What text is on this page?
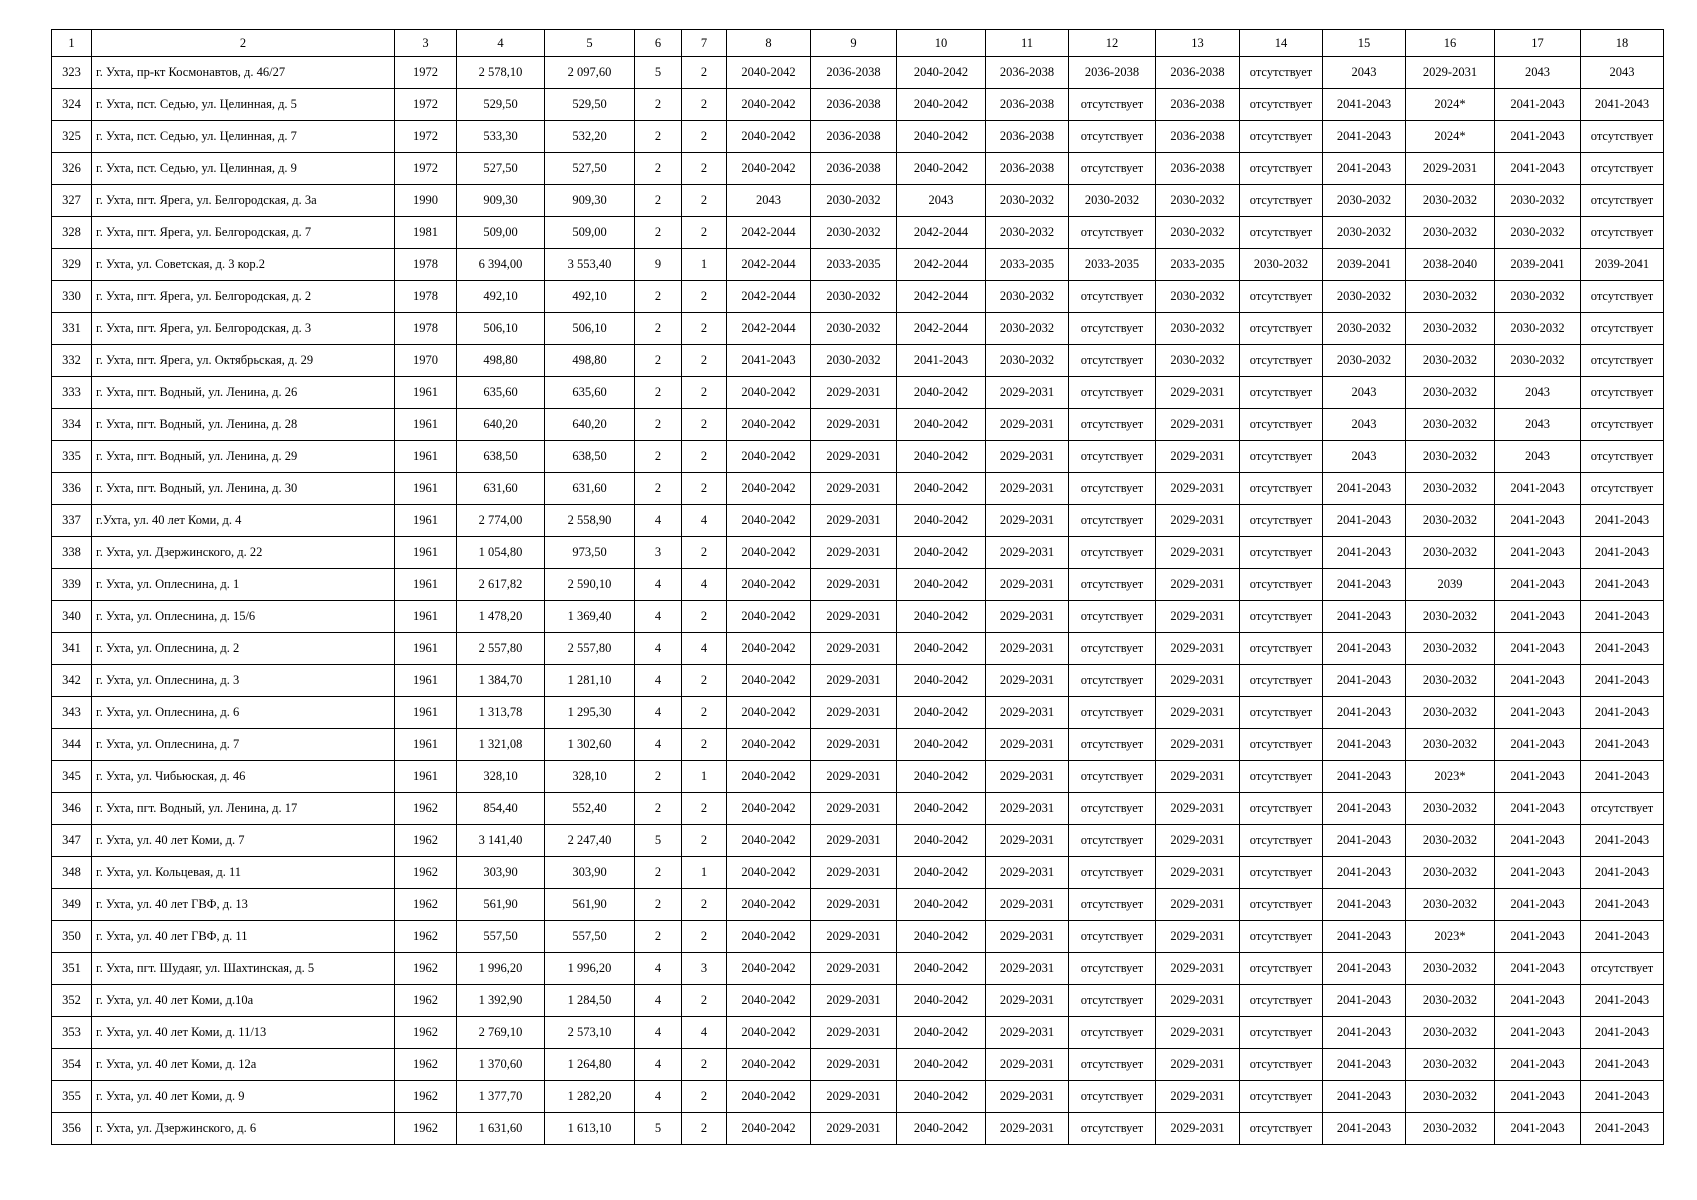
1	2	3	4	5	6	7	8	9	10	11	12	13	14	15	16	17	18
323	г. Ухта, пр-кт Космонавтов, д. 46/27	1972	2 578,10	2 097,60	5	2	2040-2042	2036-2038	2040-2042	2036-2038	2036-2038	2036-2038	отсутствует	2043	2029-2031	2043	2043
324	г. Ухта, пст. Седью, ул. Целинная, д. 5	1972	529,50	529,50	2	2	2040-2042	2036-2038	2040-2042	2036-2038	отсутствует	2036-2038	отсутствует	2041-2043	2024*	2041-2043	2041-2043
325	г. Ухта, пст. Седью, ул. Целинная, д. 7	1972	533,30	532,20	2	2	2040-2042	2036-2038	2040-2042	2036-2038	отсутствует	2036-2038	отсутствует	2041-2043	2024*	2041-2043	отсутствует
326	г. Ухта, пст. Седью, ул. Целинная, д. 9	1972	527,50	527,50	2	2	2040-2042	2036-2038	2040-2042	2036-2038	отсутствует	2036-2038	отсутствует	2041-2043	2029-2031	2041-2043	отсутствует
327	г. Ухта, пгт. Ярега, ул. Белгородская, д. 3а	1990	909,30	909,30	2	2	2043	2030-2032	2043	2030-2032	2030-2032	2030-2032	отсутствует	2030-2032	2030-2032	2030-2032	отсутствует
328	г. Ухта, пгт. Ярега, ул. Белгородская, д. 7	1981	509,00	509,00	2	2	2042-2044	2030-2032	2042-2044	2030-2032	отсутствует	2030-2032	отсутствует	2030-2032	2030-2032	2030-2032	отсутствует
329	г. Ухта, ул. Советская, д. 3 кор.2	1978	6 394,00	3 553,40	9	1	2042-2044	2033-2035	2042-2044	2033-2035	2033-2035	2033-2035	2030-2032	2039-2041	2038-2040	2039-2041	2039-2041
330	г. Ухта, пгт. Ярега, ул. Белгородская, д. 2	1978	492,10	492,10	2	2	2042-2044	2030-2032	2042-2044	2030-2032	отсутствует	2030-2032	отсутствует	2030-2032	2030-2032	2030-2032	отсутствует
331	г. Ухта, пгт. Ярега, ул. Белгородская, д. 3	1978	506,10	506,10	2	2	2042-2044	2030-2032	2042-2044	2030-2032	отсутствует	2030-2032	отсутствует	2030-2032	2030-2032	2030-2032	отсутствует
332	г. Ухта, пгт. Ярега, ул. Октябрьская, д. 29	1970	498,80	498,80	2	2	2041-2043	2030-2032	2041-2043	2030-2032	отсутствует	2030-2032	отсутствует	2030-2032	2030-2032	2030-2032	отсутствует
333	г. Ухта, пгт. Водный, ул. Ленина, д. 26	1961	635,60	635,60	2	2	2040-2042	2029-2031	2040-2042	2029-2031	отсутствует	2029-2031	отсутствует	2043	2030-2032	2043	отсутствует
334	г. Ухта, пгт. Водный, ул. Ленина, д. 28	1961	640,20	640,20	2	2	2040-2042	2029-2031	2040-2042	2029-2031	отсутствует	2029-2031	отсутствует	2043	2030-2032	2043	отсутствует
335	г. Ухта, пгт. Водный, ул. Ленина, д. 29	1961	638,50	638,50	2	2	2040-2042	2029-2031	2040-2042	2029-2031	отсутствует	2029-2031	отсутствует	2043	2030-2032	2043	отсутствует
336	г. Ухта, пгт. Водный, ул. Ленина, д. 30	1961	631,60	631,60	2	2	2040-2042	2029-2031	2040-2042	2029-2031	отсутствует	2029-2031	отсутствует	2041-2043	2030-2032	2041-2043	отсутствует
337	г.Ухта, ул. 40 лет Коми, д. 4	1961	2 774,00	2 558,90	4	4	2040-2042	2029-2031	2040-2042	2029-2031	отсутствует	2029-2031	отсутствует	2041-2043	2030-2032	2041-2043	2041-2043
338	г. Ухта, ул. Дзержинского, д. 22	1961	1 054,80	973,50	3	2	2040-2042	2029-2031	2040-2042	2029-2031	отсутствует	2029-2031	отсутствует	2041-2043	2030-2032	2041-2043	2041-2043
339	г. Ухта, ул. Оплеснина, д. 1	1961	2 617,82	2 590,10	4	4	2040-2042	2029-2031	2040-2042	2029-2031	отсутствует	2029-2031	отсутствует	2041-2043	2039	2041-2043	2041-2043
340	г. Ухта, ул. Оплеснина, д. 15/6	1961	1 478,20	1 369,40	4	2	2040-2042	2029-2031	2040-2042	2029-2031	отсутствует	2029-2031	отсутствует	2041-2043	2030-2032	2041-2043	2041-2043
341	г. Ухта, ул. Оплеснина, д. 2	1961	2 557,80	2 557,80	4	4	2040-2042	2029-2031	2040-2042	2029-2031	отсутствует	2029-2031	отсутствует	2041-2043	2030-2032	2041-2043	2041-2043
342	г. Ухта, ул. Оплеснина, д. 3	1961	1 384,70	1 281,10	4	2	2040-2042	2029-2031	2040-2042	2029-2031	отсутствует	2029-2031	отсутствует	2041-2043	2030-2032	2041-2043	2041-2043
343	г. Ухта, ул. Оплеснина, д. 6	1961	1 313,78	1 295,30	4	2	2040-2042	2029-2031	2040-2042	2029-2031	отсутствует	2029-2031	отсутствует	2041-2043	2030-2032	2041-2043	2041-2043
344	г. Ухта, ул. Оплеснина, д. 7	1961	1 321,08	1 302,60	4	2	2040-2042	2029-2031	2040-2042	2029-2031	отсутствует	2029-2031	отсутствует	2041-2043	2030-2032	2041-2043	2041-2043
345	г. Ухта, ул. Чибьюская, д. 46	1961	328,10	328,10	2	1	2040-2042	2029-2031	2040-2042	2029-2031	отсутствует	2029-2031	отсутствует	2041-2043	2023*	2041-2043	2041-2043
346	г. Ухта, пгт. Водный, ул. Ленина, д. 17	1962	854,40	552,40	2	2	2040-2042	2029-2031	2040-2042	2029-2031	отсутствует	2029-2031	отсутствует	2041-2043	2030-2032	2041-2043	отсутствует
347	г. Ухта, ул. 40 лет Коми, д. 7	1962	3 141,40	2 247,40	5	2	2040-2042	2029-2031	2040-2042	2029-2031	отсутствует	2029-2031	отсутствует	2041-2043	2030-2032	2041-2043	2041-2043
348	г. Ухта, ул. Кольцевая, д. 11	1962	303,90	303,90	2	1	2040-2042	2029-2031	2040-2042	2029-2031	отсутствует	2029-2031	отсутствует	2041-2043	2030-2032	2041-2043	2041-2043
349	г. Ухта, ул. 40 лет ГВФ, д. 13	1962	561,90	561,90	2	2	2040-2042	2029-2031	2040-2042	2029-2031	отсутствует	2029-2031	отсутствует	2041-2043	2030-2032	2041-2043	2041-2043
350	г. Ухта, ул. 40 лет ГВФ, д. 11	1962	557,50	557,50	2	2	2040-2042	2029-2031	2040-2042	2029-2031	отсутствует	2029-2031	отсутствует	2041-2043	2023*	2041-2043	2041-2043
351	г. Ухта, пгт. Шудаяг, ул. Шахтинская, д. 5	1962	1 996,20	1 996,20	4	3	2040-2042	2029-2031	2040-2042	2029-2031	отсутствует	2029-2031	отсутствует	2041-2043	2030-2032	2041-2043	отсутствует
352	г. Ухта, ул. 40 лет Коми, д.10а	1962	1 392,90	1 284,50	4	2	2040-2042	2029-2031	2040-2042	2029-2031	отсутствует	2029-2031	отсутствует	2041-2043	2030-2032	2041-2043	2041-2043
353	г. Ухта, ул. 40 лет Коми, д. 11/13	1962	2 769,10	2 573,10	4	4	2040-2042	2029-2031	2040-2042	2029-2031	отсутствует	2029-2031	отсутствует	2041-2043	2030-2032	2041-2043	2041-2043
354	г. Ухта, ул. 40 лет Коми, д. 12а	1962	1 370,60	1 264,80	4	2	2040-2042	2029-2031	2040-2042	2029-2031	отсутствует	2029-2031	отсутствует	2041-2043	2030-2032	2041-2043	2041-2043
355	г. Ухта, ул. 40 лет Коми, д. 9	1962	1 377,70	1 282,20	4	2	2040-2042	2029-2031	2040-2042	2029-2031	отсутствует	2029-2031	отсутствует	2041-2043	2030-2032	2041-2043	2041-2043
356	г. Ухта, ул. Дзержинского, д. 6	1962	1 631,60	1 613,10	5	2	2040-2042	2029-2031	2040-2042	2029-2031	отсутствует	2029-2031	отсутствует	2041-2043	2030-2032	2041-2043	2041-2043
